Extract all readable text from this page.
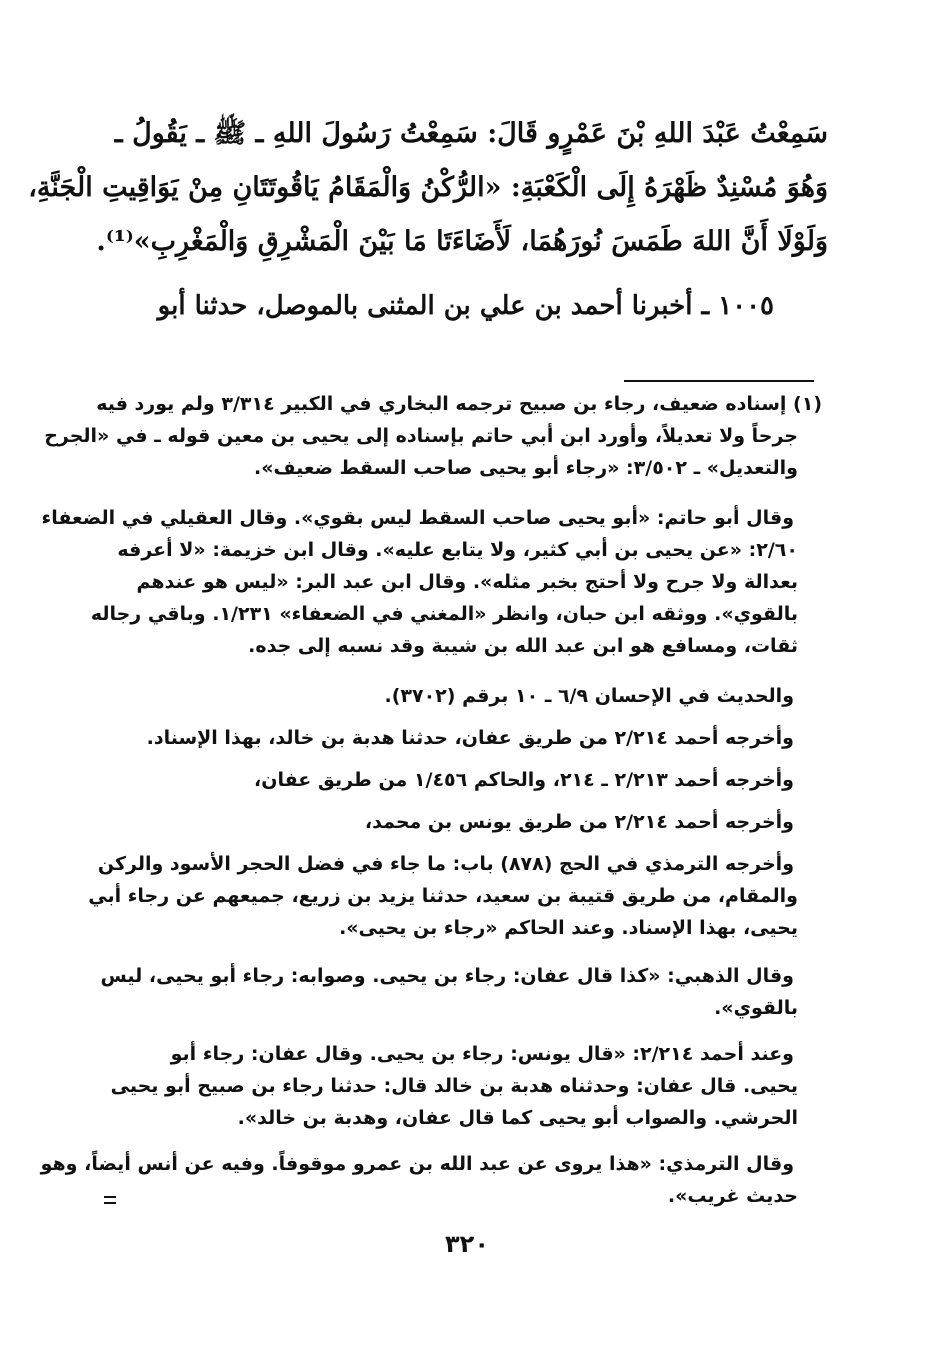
سَمِعْتُ عَبْدَ اللهِ بْنَ عَمْرٍو قَالَ: سَمِعْتُ رَسُولَ اللهِ ـ ﷺ ـ يَقُولُ ـ
وَهُوَ مُسْنِدٌ ظَهْرَهُ إِلَى الْكَعْبَةِ: «الرُّكْنُ وَالْمَقَامُ يَاقُوتَتَانِ مِنْ يَوَاقِيتِ الْجَنَّةِ،
وَلَوْلَا أَنَّ اللهَ طَمَسَ نُورَهُمَا، لَأَضَاءَتَا مَا بَيْنَ الْمَشْرِقِ وَالْمَغْرِبِ»⁽¹⁾.
١٠٠٥ ـ أخبرنا أحمد بن علي بن المثنى بالموصل، حدثنا أبو
(١) إسناده ضعيف، رجاء بن صبيح ترجمه البخاري في الكبير ٣/٣١٤ ولم يورد فيه
جرحاً ولا تعديلاً، وأورد ابن أبي حاتم بإسناده إلى يحيى بن معين قوله ـ في «الجرح
والتعديل» ـ ٣/٥٠٢: «رجاء أبو يحيى صاحب السقط ضعيف».
وقال أبو حاتم: «أبو يحيى صاحب السقط ليس بقوي». وقال العقيلي في الضعفاء
٢/٦٠: «عن يحيى بن أبي كثير، ولا يتابع عليه». وقال ابن خزيمة: «لا أعرفه
بعدالة ولا جرح ولا أحتج بخبر مثله». وقال ابن عبد البر: «ليس هو عندهم
بالقوي». ووثقه ابن حبان، وانظر «المغني في الضعفاء» ١/٢٣١. وباقي رجاله
ثقات، ومسافع هو ابن عبد الله بن شيبة وقد نسبه إلى جده.
والحديث في الإحسان ٦/٩ ـ ١٠ برقم (٣٧٠٢).
وأخرجه أحمد ٢/٢١٤ من طريق عفان، حدثنا هدبة بن خالد، بهذا الإسناد.
وأخرجه أحمد ٢/٢١٣ ـ ٢١٤، والحاكم ١/٤٥٦ من طريق عفان،
وأخرجه أحمد ٢/٢١٤ من طريق يونس بن محمد،
وأخرجه الترمذي في الحج (٨٧٨) باب: ما جاء في فضل الحجر الأسود والركن
والمقام، من طريق قتيبة بن سعيد، حدثنا يزيد بن زريع، جميعهم عن رجاء أبي
يحيى، بهذا الإسناد. وعند الحاكم «رجاء بن يحيى».
وقال الذهبي: «كذا قال عفان: رجاء بن يحيى. وصوابه: رجاء أبو يحيى، ليس
بالقوي».
وعند أحمد ٢/٢١٤: «قال يونس: رجاء بن يحيى. وقال عفان: رجاء أبو
يحيى. قال عفان: وحدثناه هدبة بن خالد قال: حدثنا رجاء بن صبيح أبو يحيى
الحرشي. والصواب أبو يحيى كما قال عفان، وهدبة بن خالد».
وقال الترمذي: «هذا يروى عن عبد الله بن عمرو موقوفاً. وفيه عن أنس أيضاً، وهو
حديث غريب».
٣٢٠
